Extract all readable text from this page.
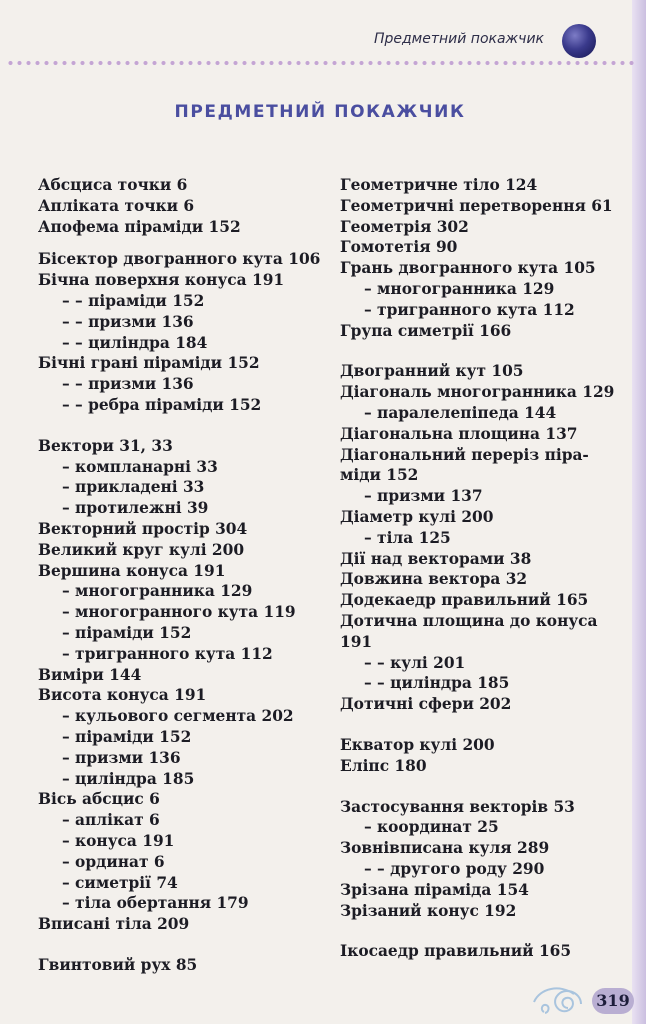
Предметний покажчик
ПРЕДМЕТНИЙ ПОКАЖЧИК
Абсциса точки 6
Апліката точки 6
Апофема піраміди 152
Бісектор двогранного кута 106
Бічна поверхня конуса 191
– – піраміди 152
– – призми 136
– – циліндра 184
Бічні грані піраміди 152
– – призми 136
– – ребра піраміди 152
Вектори 31, 33
– компланарні 33
– прикладені 33
– протилежні 39
Векторний простір 304
Великий круг кулі 200
Вершина конуса 191
– многогранника 129
– многогранного кута 119
– піраміди 152
– тригранного кута 112
Виміри 144
Висота конуса 191
– кульового сегмента 202
– піраміди 152
– призми 136
– циліндра 185
Вісь абсцис 6
– аплікат 6
– конуса 191
– ординат 6
– симетрії 74
– тіла обертання 179
Вписані тіла 209
Гвинтовий рух 85
Геометричне тіло 124
Геометричні перетворення 61
Геометрія 302
Гомотетія 90
Грань двогранного кута 105
– многогранника 129
– тригранного кута 112
Група симетрії 166
Двогранний кут 105
Діагональ многогранника 129
– паралелепіпеда 144
Діагональна площина 137
Діагональний переріз піра-
міди 152
– призми 137
Діаметр кулі 200
– тіла 125
Дії над векторами 38
Довжина вектора 32
Додекаедр правильний 165
Дотична площина до конуса
191
– – кулі 201
– – циліндра 185
Дотичні сфери 202
Екватор кулі 200
Еліпс 180
Застосування векторів 53
– координат 25
Зовнівписана куля 289
– – другого роду 290
Зрізана піраміда 154
Зрізаний конус 192
Ікосаедр правильний 165
319
